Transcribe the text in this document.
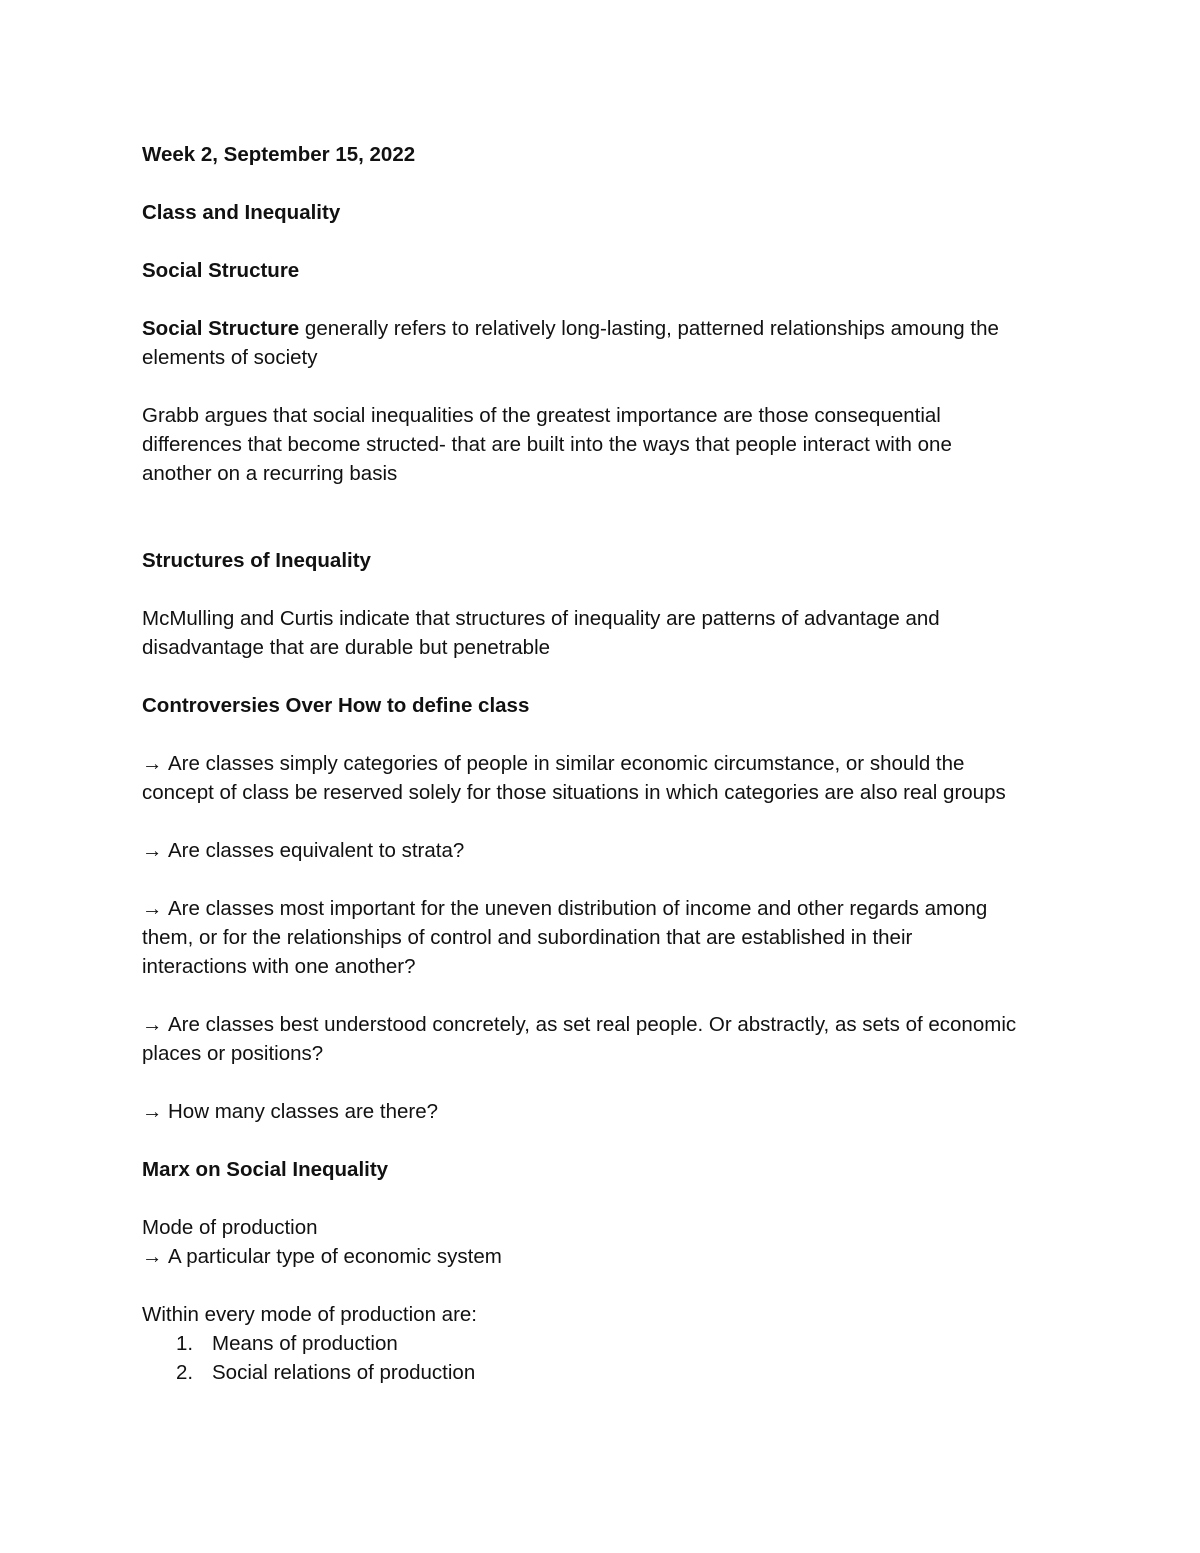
Week 2, September 15, 2022

Class and Inequality

Social Structure

Social Structure generally refers to relatively long-lasting, patterned relationships amoung the

elements of society

Grabb argues that social inequalities of the greatest importance are those consequential

differences that become structed- that are built into the ways that people interact with one

another on a recurring basis

Structures of Inequality

McMulling and Curtis indicate that structures of inequality are patterns of advantage and

disadvantage that are durable but penetrable

Controversies Over How to define class

→ Are classes simply categories of people in similar economic circumstance, or should the

concept of class be reserved solely for those situations in which categories are also real groups

→ Are classes equivalent to strata?

→ Are classes most important for the uneven distribution of income and other regards among

them, or for the relationships of control and subordination that are established in their

interactions with one another?

→ Are classes best understood concretely, as set real people. Or abstractly, as sets of economic

places or positions?

→ How many classes are there?

Marx on Social Inequality

Mode of production

→ A particular type of economic system

Within every mode of production are:

1. Means of production

2. Social relations of production
